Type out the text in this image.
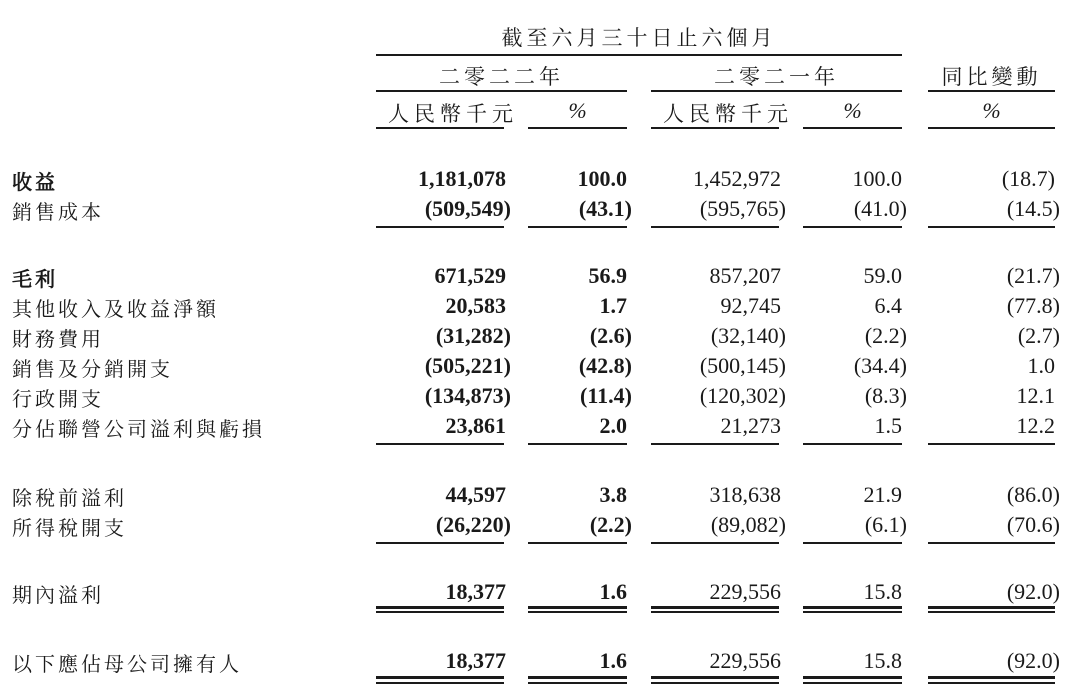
截至六月三十日止六個月
二零二二年	二零二一年	同比變動
人民幣千元	%	人民幣千元	%	%
收益	1,181,078	100.0	1,452,972	100.0	(18.7)
銷售成本	(509,549)	(43.1)	(595,765)	(41.0)	(14.5)
毛利	671,529	56.9	857,207	59.0	(21.7)
其他收入及收益淨額	20,583	1.7	92,745	6.4	(77.8)
財務費用	(31,282)	(2.6)	(32,140)	(2.2)	(2.7)
銷售及分銷開支	(505,221)	(42.8)	(500,145)	(34.4)	1.0
行政開支	(134,873)	(11.4)	(120,302)	(8.3)	12.1
分佔聯營公司溢利與虧損	23,861	2.0	21,273	1.5	12.2
除稅前溢利	44,597	3.8	318,638	21.9	(86.0)
所得稅開支	(26,220)	(2.2)	(89,082)	(6.1)	(70.6)
期內溢利	18,377	1.6	229,556	15.8	(92.0)
以下應佔母公司擁有人	18,377	1.6	229,556	15.8	(92.0)
